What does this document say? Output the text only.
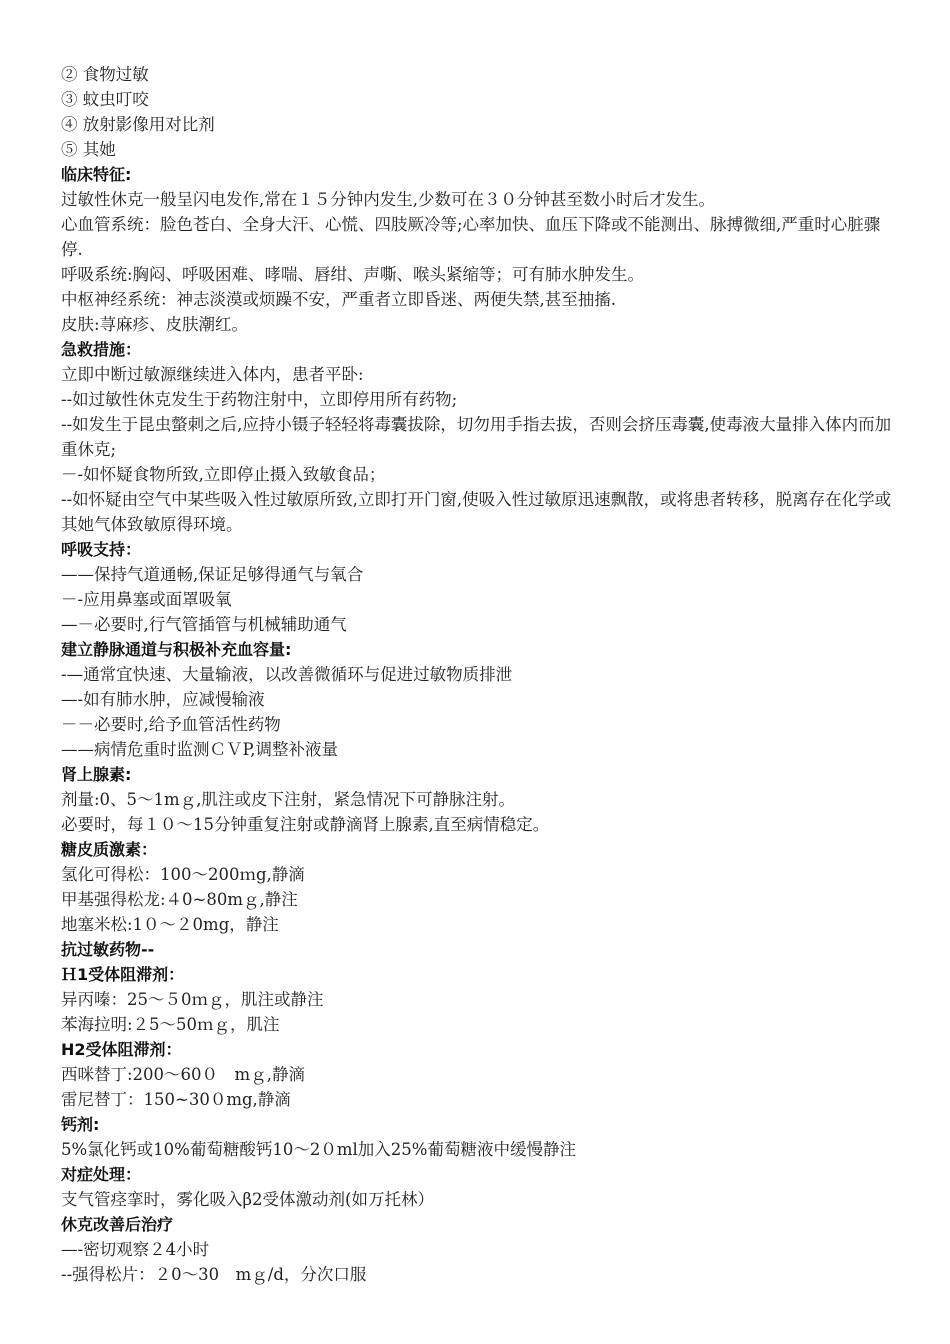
② 食物过敏
③ 蚊虫叮咬
④ 放射影像用对比剂
⑤ 其她
临床特征:
过敏性休克一般呈闪电发作,常在１５分钟内发生,少数可在３０分钟甚至数小时后才发生。
心血管系统：脸色苍白、全身大汗、心慌、四肢厥冷等;心率加快、血压下降或不能测出、脉搏微细,严重时心脏骤停.
呼吸系统:胸闷、呼吸困难、哮喘、唇绀、声嘶、喉头紧缩等；可有肺水肿发生。
中枢神经系统：神志淡漠或烦躁不安，严重者立即昏迷、两便失禁,甚至抽搐.
皮肤:荨麻疹、皮肤潮红。
急救措施：
立即中断过敏源继续进入体内，患者平卧:
--如过敏性休克发生于药物注射中，立即停用所有药物;
--如发生于昆虫螫刺之后,应持小镊子轻轻将毒囊拔除，切勿用手指去拔，否则会挤压毒囊,使毒液大量排入体内而加重休克;
－-如怀疑食物所致,立即停止摄入致敏食品；
--如怀疑由空气中某些吸入性过敏原所致,立即打开门窗,使吸入性过敏原迅速飘散，或将患者转移，脱离存在化学或其她气体致敏原得环境。
呼吸支持：
——保持气道通畅,保证足够得通气与氧合
－-应用鼻塞或面罩吸氧
—－必要时,行气管插管与机械辅助通气
建立静脉通道与积极补充血容量:
-—通常宜快速、大量输液，以改善微循环与促进过敏物质排泄
—-如有肺水肿，应减慢输液
－－必要时,给予血管活性药物
——病情危重时监测ＣＶP,调整补液量
肾上腺素:
剂量:0、5～1mｇ,肌注或皮下注射，紧急情况下可静脉注射。
必要时，每１０～15分钟重复注射或静滴肾上腺素,直至病情稳定。
糖皮质激素：
氢化可得松：100～200ｍg,静滴
甲基强得松龙:４0~80mｇ,静注
地塞米松:1０～２0mg，静注
抗过敏药物--
Ｈ1受体阻滞剂：
异丙嗪：25～５0ｍｇ，肌注或静注
苯海拉明:２5～50ｍｇ，肌注
H2受体阻滞剂：
西咪替丁:200～60０　mｇ,静滴
雷尼替丁：150~30０mg,静滴
钙剂:
5%氯化钙或10%葡萄糖酸钙10～2０ml加入25%葡萄糖液中缓慢静注
对症处理：
支气管痉挛时，雾化吸入β2受体激动剂(如万托林）
休克改善后治疗
—-密切观察２4小时
--强得松片：２0～30　mｇ/d，分次口服
